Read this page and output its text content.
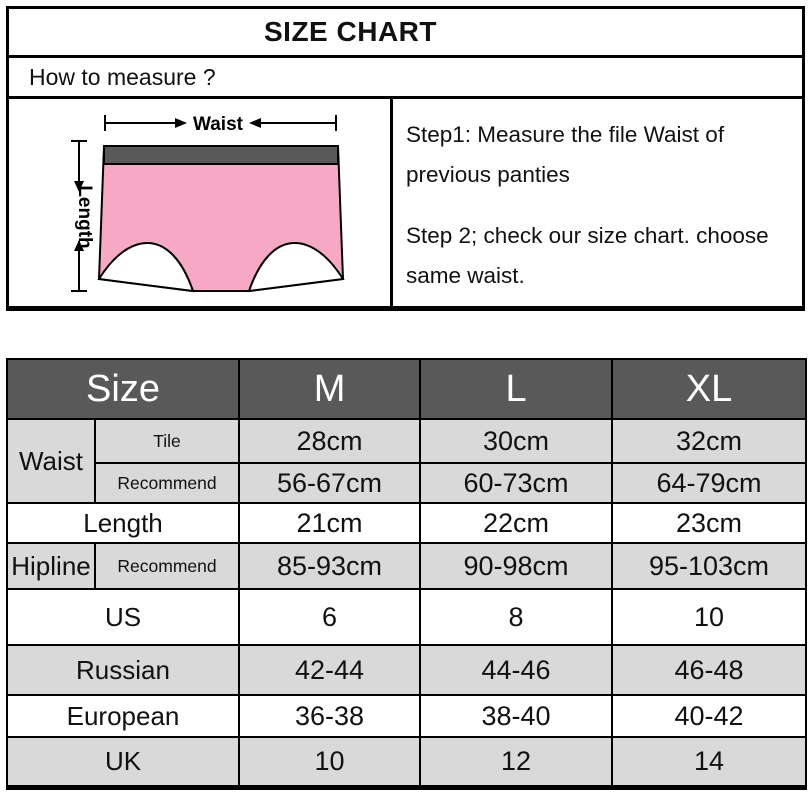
SIZE CHART
How to measure ?
Waist
Length

Step1: Measure the file Waist of
previous panties

Step 2; check our size chart. choose
same waist.

Size		M	L	XL
Waist	Tile	28cm	30cm	32cm
	Recommend	56-67cm	60-73cm	64-79cm
Length		21cm	22cm	23cm
Hipline	Recommend	85-93cm	90-98cm	95-103cm
US		6	8	10
Russian		42-44	44-46	46-48
European		36-38	38-40	40-42
UK		10	12	14
